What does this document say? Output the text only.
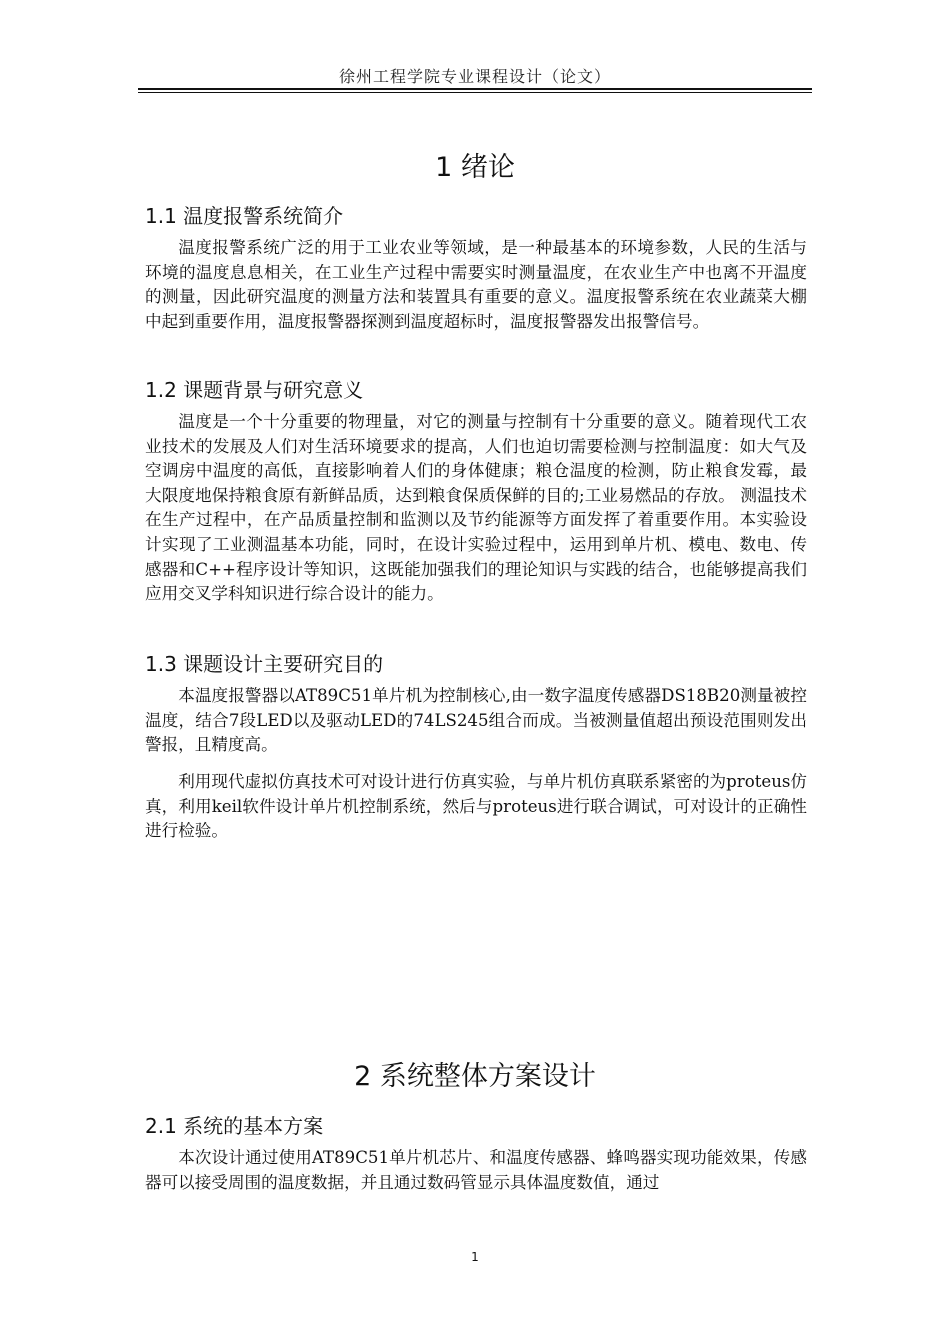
徐州工程学院专业课程设计（论文）
1 绪论
1.1 温度报警系统简介

温度报警系统广泛的用于工业农业等领域，是一种最基本的环境参数，人民的生活与环境的温度息息相关，在工业生产过程中需要实时测量温度，在农业生产中也离不开温度的测量，因此研究温度的测量方法和装置具有重要的意义。温度报警系统在农业蔬菜大棚中起到重要作用，温度报警器探测到温度超标时，温度报警器发出报警信号。

1.2 课题背景与研究意义

温度是一个十分重要的物理量，对它的测量与控制有十分重要的意义。随着现代工农业技术的发展及人们对生活环境要求的提高，人们也迫切需要检测与控制温度：如大气及空调房中温度的高低，直接影响着人们的身体健康；粮仓温度的检测，防止粮食发霉，最大限度地保持粮食原有新鲜品质，达到粮食保质保鲜的目的;工业易燃品的存放。 测温技术在生产过程中，在产品质量控制和监测以及节约能源等方面发挥了着重要作用。本实验设计实现了工业测温基本功能，同时，在设计实验过程中，运用到单片机、模电、数电、传感器和C++程序设计等知识，这既能加强我们的理论知识与实践的结合，也能够提高我们应用交叉学科知识进行综合设计的能力。

1.3 课题设计主要研究目的

本温度报警器以AT89C51单片机为控制核心,由一数字温度传感器DS18B20测量被控温度，结合7段LED以及驱动LED的74LS245组合而成。当被测量值超出预设范围则发出警报，且精度高。

利用现代虚拟仿真技术可对设计进行仿真实验，与单片机仿真联系紧密的为proteus仿真，利用keil软件设计单片机控制系统，然后与proteus进行联合调试，可对设计的正确性进行检验。

2 系统整体方案设计
2.1 系统的基本方案

本次设计通过使用AT89C51单片机芯片、和温度传感器、蜂鸣器实现功能效果，传感器可以接受周围的温度数据，并且通过数码管显示具体温度数值，通过

1
